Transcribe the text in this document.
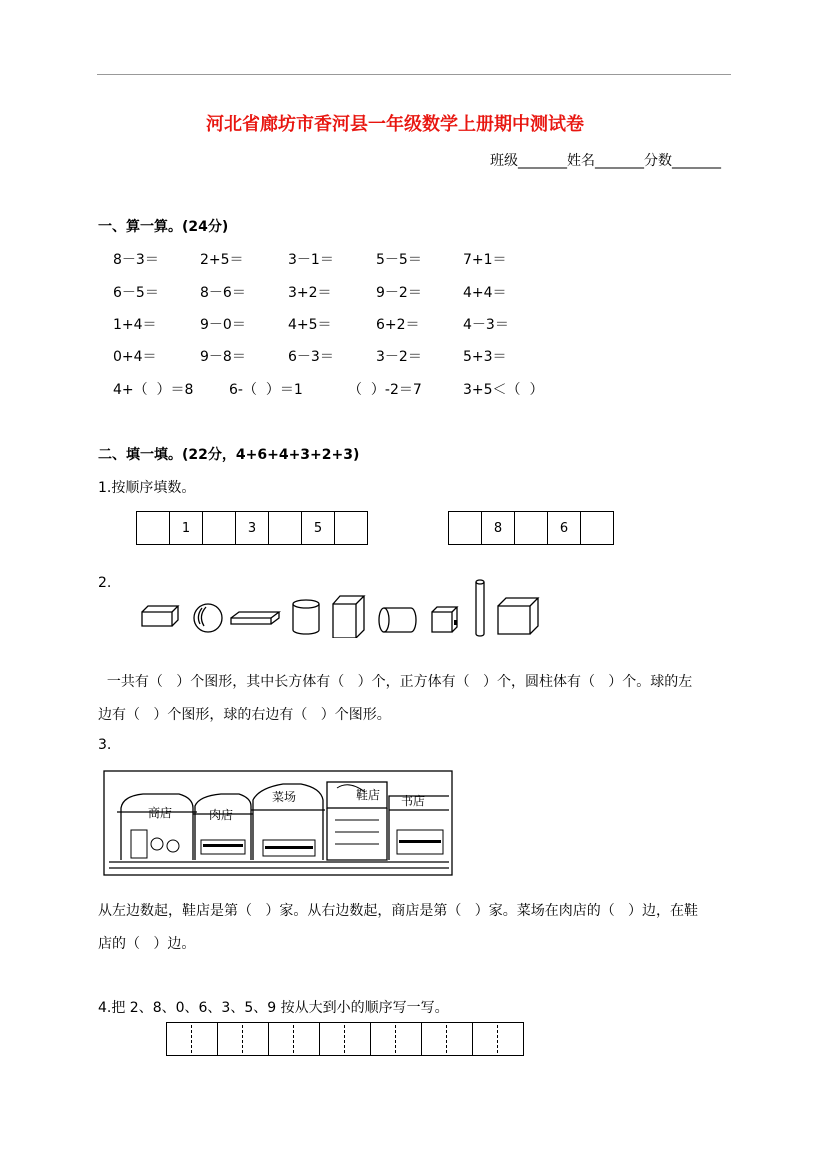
河北省廊坊市香河县一年级数学上册期中测试卷
班级_______姓名_______分数_______
一、算一算。(24分)
8－3＝	2+5＝	3－1＝	5－5＝	7+1＝
6－5＝	8－6＝	3+2＝	9－2＝	4+4＝
1+4＝	9－0＝	4+5＝	6+2＝	4－3＝
0+4＝	9－8＝	6－3＝	3－2＝	5+3＝
4+（  ）＝8	6-（  ）＝1	（  ）-2＝7	3+5＜（  ）
二、填一填。(22分，4+6+4+3+2+3)
1.按顺序填数。
1	3	5	8	6
2.
一共有（   ）个图形，其中长方体有（   ）个，正方体有（   ）个，圆柱体有（   ）个。球的左
边有（   ）个图形，球的右边有（   ）个图形。
3.
商店	肉店
菜场	鞋店 书店
从左边数起，鞋店是第（   ）家。从右边数起，商店是第（   ）家。菜场在肉店的（   ）边，在鞋
店的（   ）边。
4.把 2、8、0、6、3、5、9 按从大到小的顺序写一写。
